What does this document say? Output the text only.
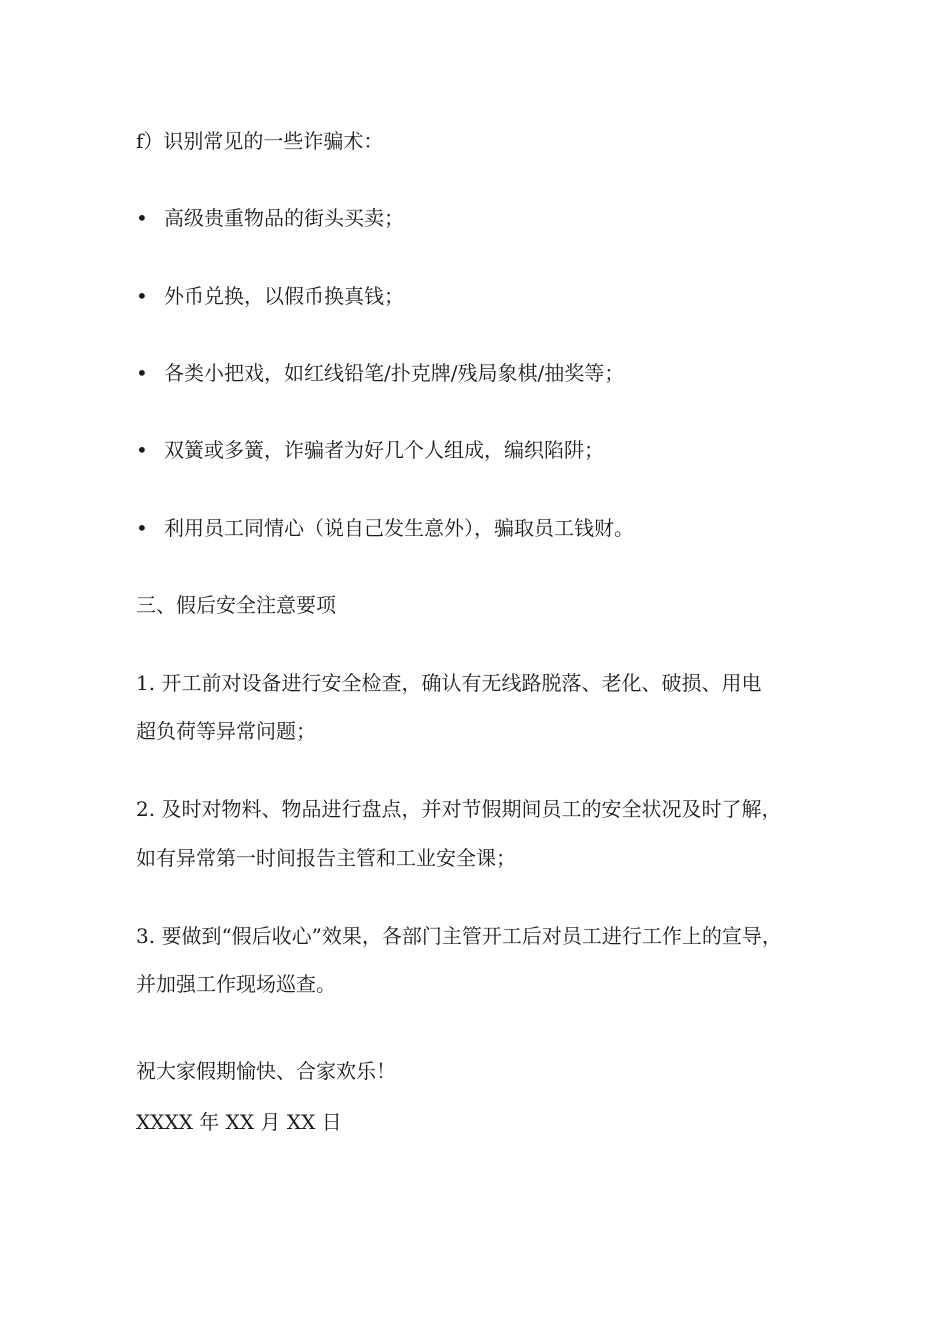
f）识别常见的一些诈骗术：

• 高级贵重物品的街头买卖；

• 外币兑换，以假币换真钱；

• 各类小把戏，如红线铅笔/扑克牌/残局象棋/抽奖等；

• 双簧或多簧，诈骗者为好几个人组成，编织陷阱；

• 利用员工同情心（说自己发生意外），骗取员工钱财。

三、假后安全注意要项

1. 开工前对设备进行安全检查，确认有无线路脱落、老化、破损、用电

超负荷等异常问题；

2. 及时对物料、物品进行盘点，并对节假期间员工的安全状况及时了解，

如有异常第一时间报告主管和工业安全课；

3. 要做到“假后收心”效果，各部门主管开工后对员工进行工作上的宣导，

并加强工作现场巡查。

祝大家假期愉快、合家欢乐！

XXXX 年 XX 月 XX 日
